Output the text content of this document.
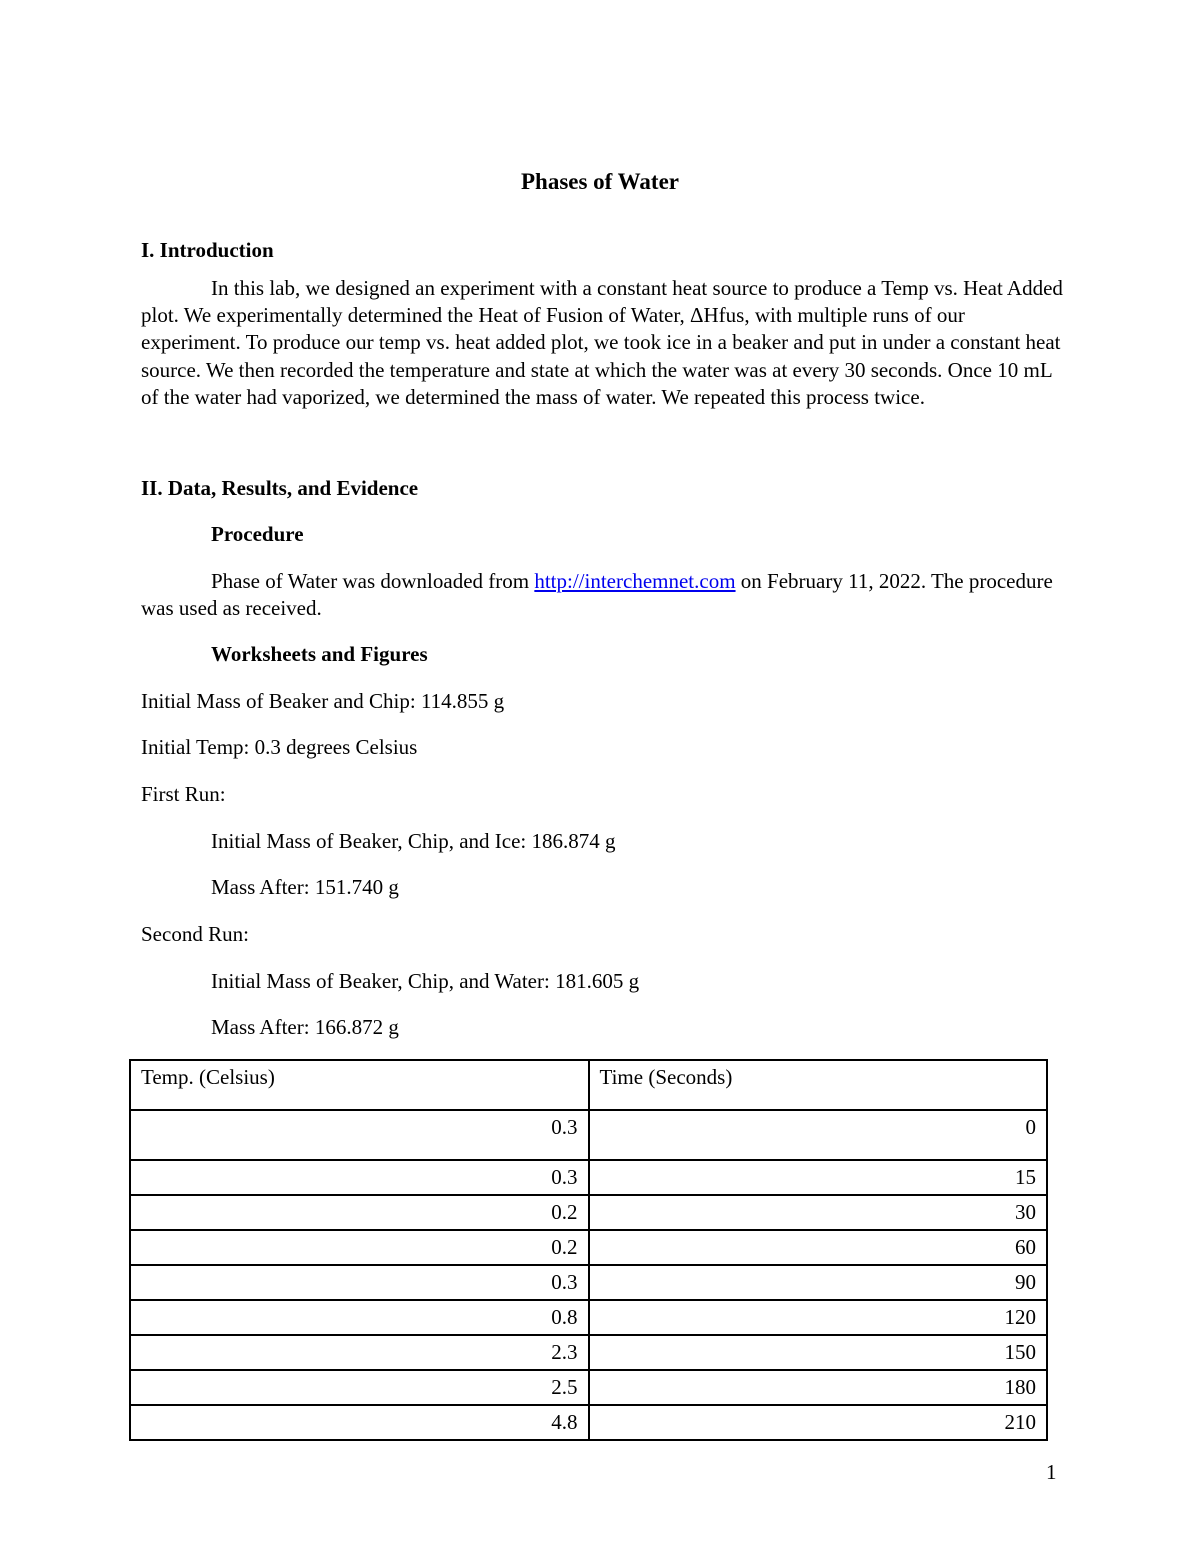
Phases of Water
I. Introduction

In this lab, we designed an experiment with a constant heat source to produce a Temp vs. Heat Added plot. We experimentally determined the Heat of Fusion of Water, ΔHfus, with multiple runs of our experiment. To produce our temp vs. heat added plot, we took ice in a beaker and put in under a constant heat source. We then recorded the temperature and state at which the water was at every 30 seconds. Once 10 mL of the water had vaporized, we determined the mass of water. We repeated this process twice.

II. Data, Results, and Evidence
Procedure

Phase of Water was downloaded from http://interchemnet.com on February 11, 2022. The procedure was used as received.

Worksheets and Figures
Initial Mass of Beaker and Chip: 114.855 g
Initial Temp: 0.3 degrees Celsius
First Run:
Initial Mass of Beaker, Chip, and Ice: 186.874 g
Mass After: 151.740 g
Second Run:
Initial Mass of Beaker, Chip, and Water: 181.605 g
Mass After: 166.872 g
Temp. (Celsius)	Time (Seconds)
0.3	0
0.3	15
0.2	30
0.2	60
0.3	90
0.8	120
2.3	150
2.5	180
4.8	210
1
